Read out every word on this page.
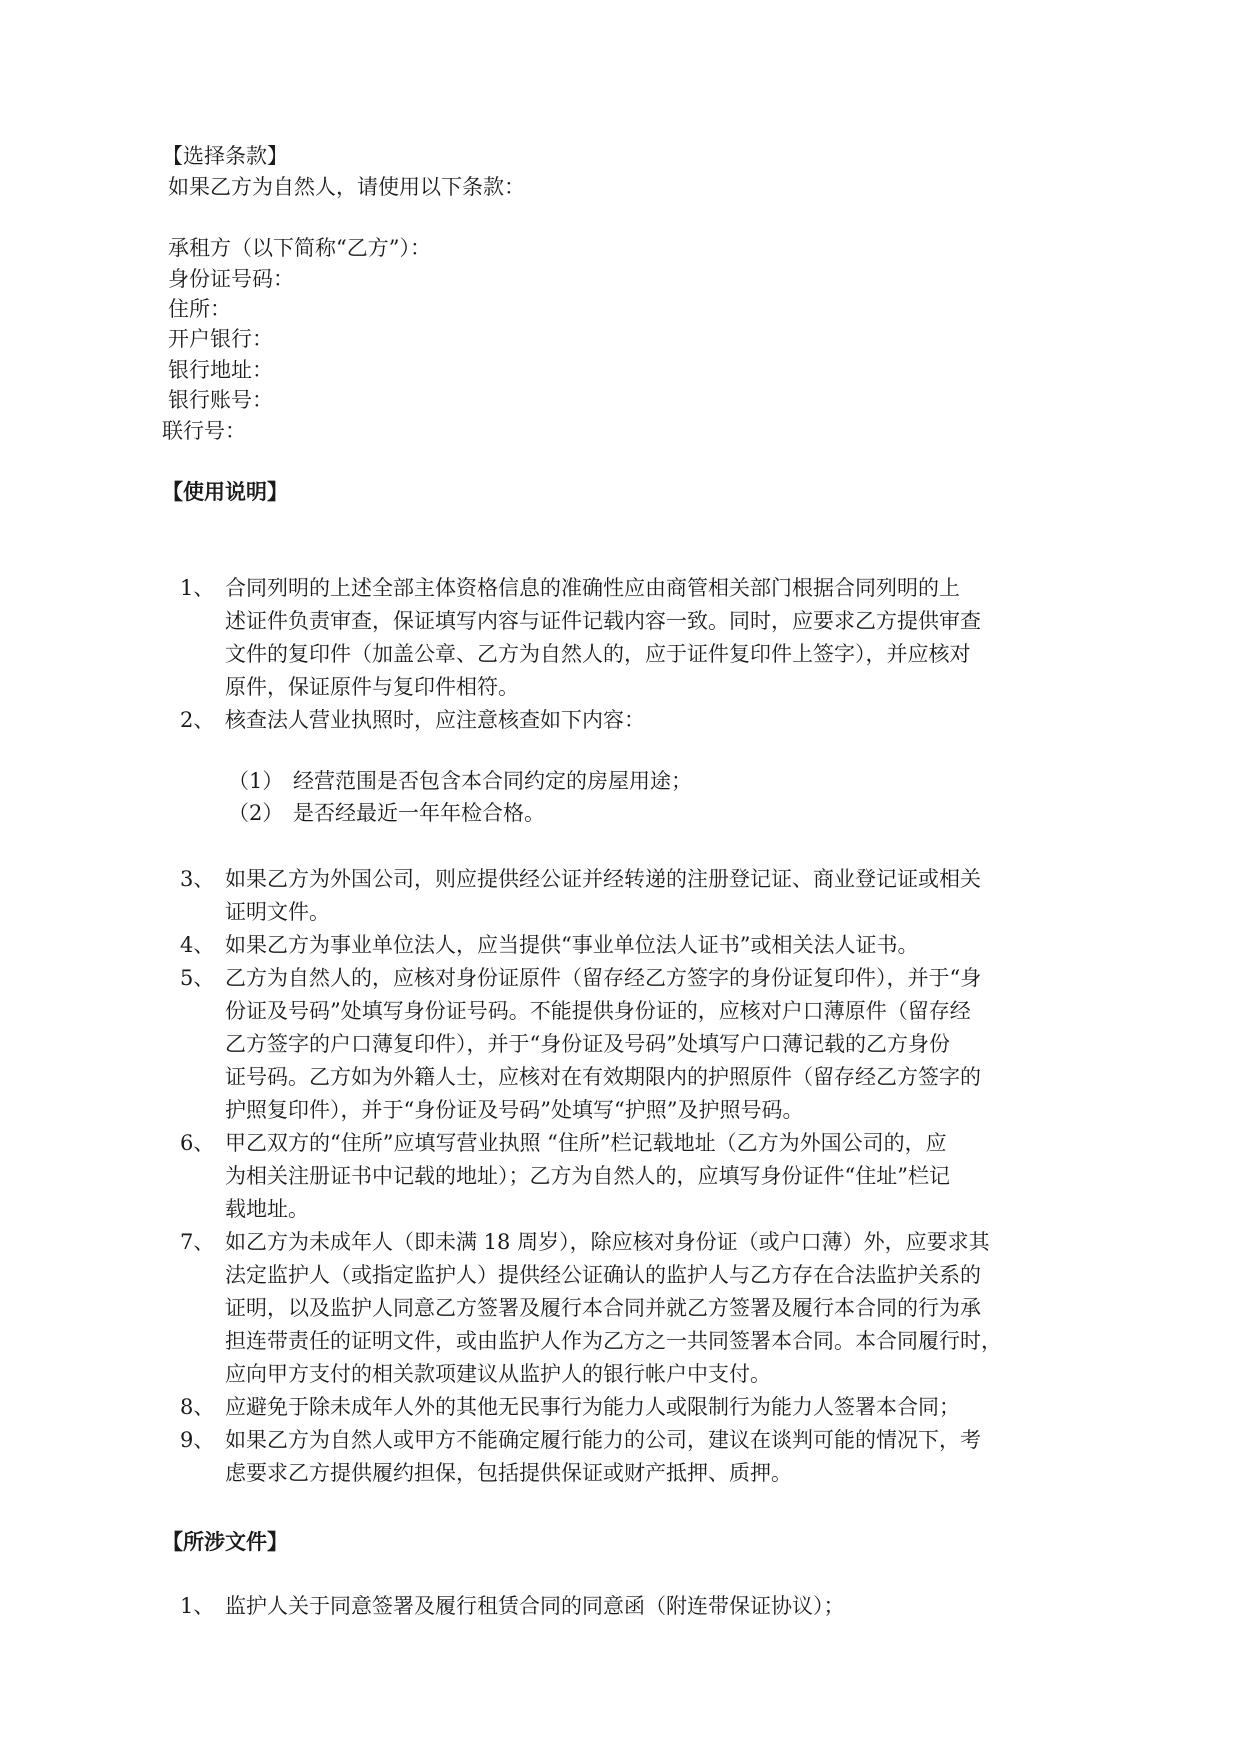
【选择条款】
如果乙方为自然人，请使用以下条款：
承租方（以下简称“乙方”）：
身份证号码：
住所：
开户银行：
银行地址：
银行账号：
联行号：
【使用说明】
1、 合同列明的上述全部主体资格信息的准确性应由商管相关部门根据合同列明的上
述证件负责审查，保证填写内容与证件记载内容一致。同时，应要求乙方提供审查
文件的复印件（加盖公章、乙方为自然人的，应于证件复印件上签字），并应核对
原件，保证原件与复印件相符。
2、 核查法人营业执照时，应注意核查如下内容：
（1） 经营范围是否包含本合同约定的房屋用途；
（2） 是否经最近一年年检合格。
3、 如果乙方为外国公司，则应提供经公证并经转递的注册登记证、商业登记证或相关
证明文件。
4、 如果乙方为事业单位法人，应当提供“事业单位法人证书”或相关法人证书。
5、 乙方为自然人的，应核对身份证原件（留存经乙方签字的身份证复印件），并于“身
份证及号码”处填写身份证号码。不能提供身份证的，应核对户口薄原件（留存经
乙方签字的户口薄复印件），并于“身份证及号码”处填写户口薄记载的乙方身份
证号码。乙方如为外籍人士，应核对在有效期限内的护照原件（留存经乙方签字的
护照复印件），并于“身份证及号码”处填写“护照”及护照号码。
6、 甲乙双方的“住所”应填写营业执照 “住所”栏记载地址（乙方为外国公司的，应
为相关注册证书中记载的地址）；乙方为自然人的，应填写身份证件“住址”栏记
载地址。
7、 如乙方为未成年人（即未满 18 周岁），除应核对身份证（或户口薄）外，应要求其
法定监护人（或指定监护人）提供经公证确认的监护人与乙方存在合法监护关系的
证明，以及监护人同意乙方签署及履行本合同并就乙方签署及履行本合同的行为承
担连带责任的证明文件，或由监护人作为乙方之一共同签署本合同。本合同履行时，
应向甲方支付的相关款项建议从监护人的银行帐户中支付。
8、 应避免于除未成年人外的其他无民事行为能力人或限制行为能力人签署本合同；
9、 如果乙方为自然人或甲方不能确定履行能力的公司，建议在谈判可能的情况下，考
虑要求乙方提供履约担保，包括提供保证或财产抵押、质押。
【所涉文件】
1、 监护人关于同意签署及履行租赁合同的同意函（附连带保证协议）；
